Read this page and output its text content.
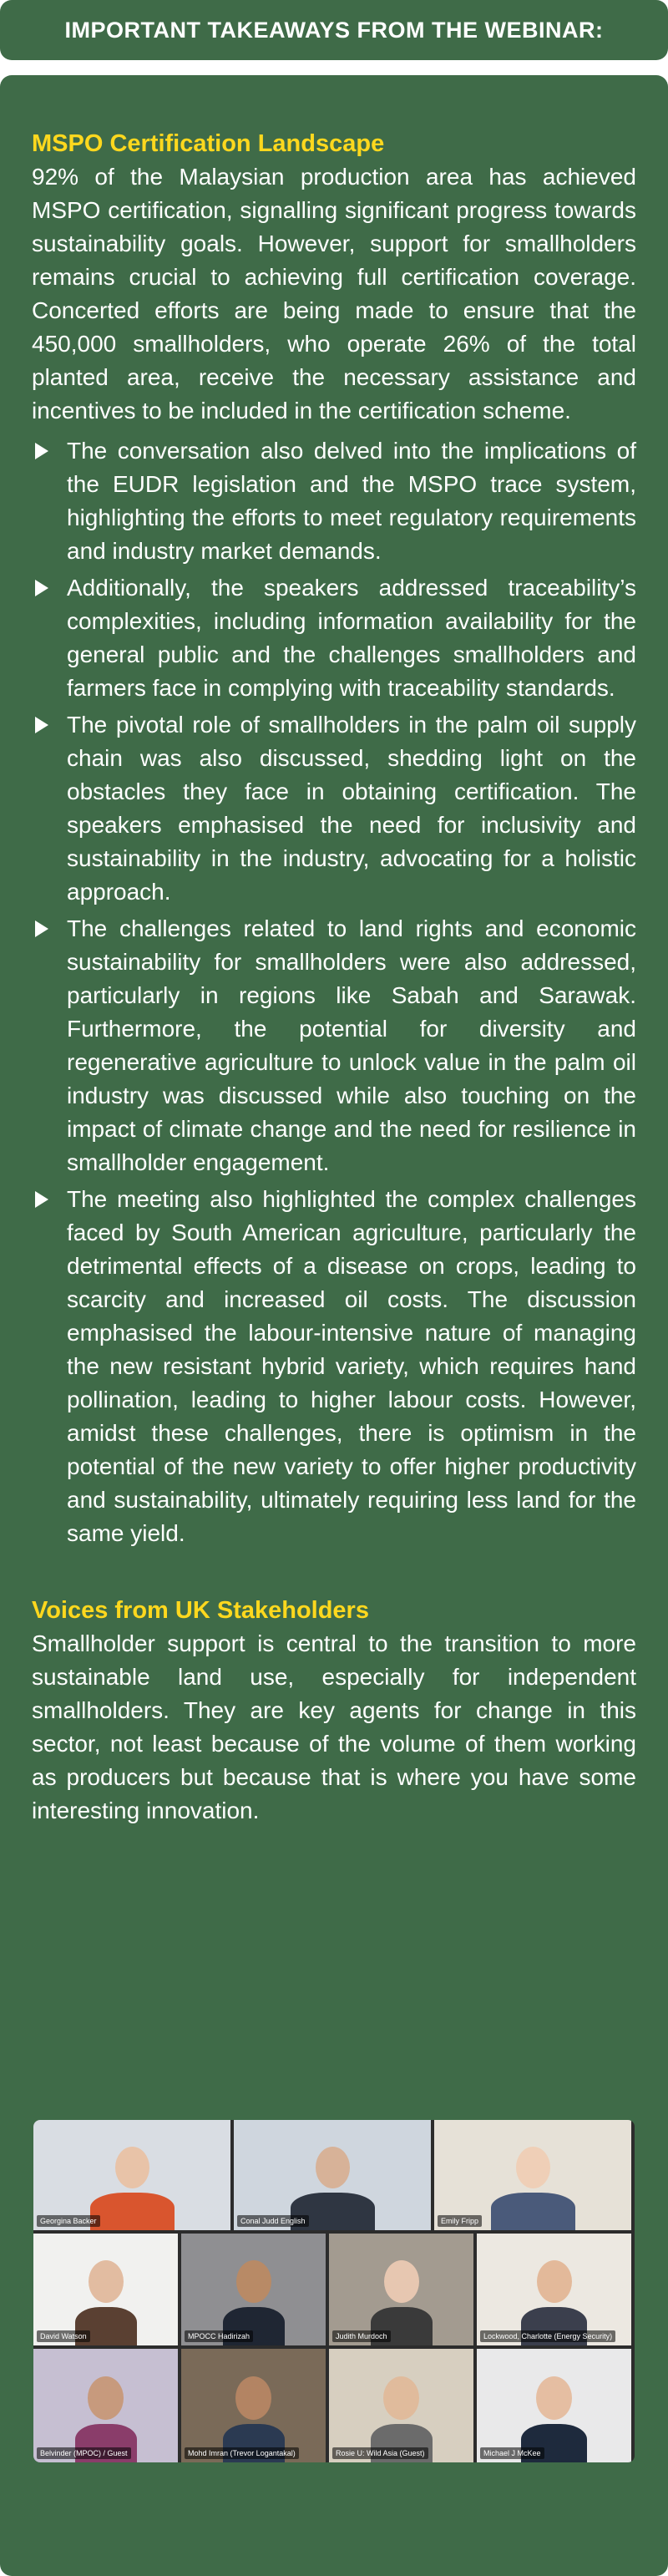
IMPORTANT TAKEAWAYS FROM THE WEBINAR:
MSPO Certification Landscape

92% of the Malaysian production area has achieved MSPO certification, signalling significant progress towards sustainability goals. However, support for smallholders remains crucial to achieving full certification coverage. Concerted efforts are being made to ensure that the 450,000 smallholders, who operate 26% of the total planted area, receive the necessary assistance and incentives to be included in the certification scheme.

The conversation also delved into the implications of the EUDR legislation and the MSPO trace system, highlighting the efforts to meet regulatory requirements and industry market demands.
Additionally, the speakers addressed traceability’s complexities, including information availability for the general public and the challenges smallholders and farmers face in complying with traceability standards.
The pivotal role of smallholders in the palm oil supply chain was also discussed, shedding light on the obstacles they face in obtaining certification. The speakers emphasised the need for inclusivity and sustainability in the industry, advocating for a holistic approach.
The challenges related to land rights and economic sustainability for smallholders were also addressed, particularly in regions like Sabah and Sarawak. Furthermore, the potential for diversity and regenerative agriculture to unlock value in the palm oil industry was discussed while also touching on the impact of climate change and the need for resilience in smallholder engagement.
The meeting also highlighted the complex challenges faced by South American agriculture, particularly the detrimental effects of a disease on crops, leading to scarcity and increased oil costs. The discussion emphasised the labour-intensive nature of managing the new resistant hybrid variety, which requires hand pollination, leading to higher labour costs. However, amidst these challenges, there is optimism in the potential of the new variety to offer higher productivity and sustainability, ultimately requiring less land for the same yield.
Voices from UK Stakeholders

Smallholder support is central to the transition to more sustainable land use, especially for independent smallholders. They are key agents for change in this sector, not least because of the volume of them working as producers but because that is where you have some interesting innovation.

Georgina Backer	Conal Judd English	Emily Fripp
David Watson	MPOCC Hadirizah	Judith Murdoch	Lockwood, Charlotte (Energy Security)
Belvinder (MPOC) / Guest	Mohd Imran (Trevor Logantakal)	Rosie U: Wild Asia (Guest)	Michael J McKee
